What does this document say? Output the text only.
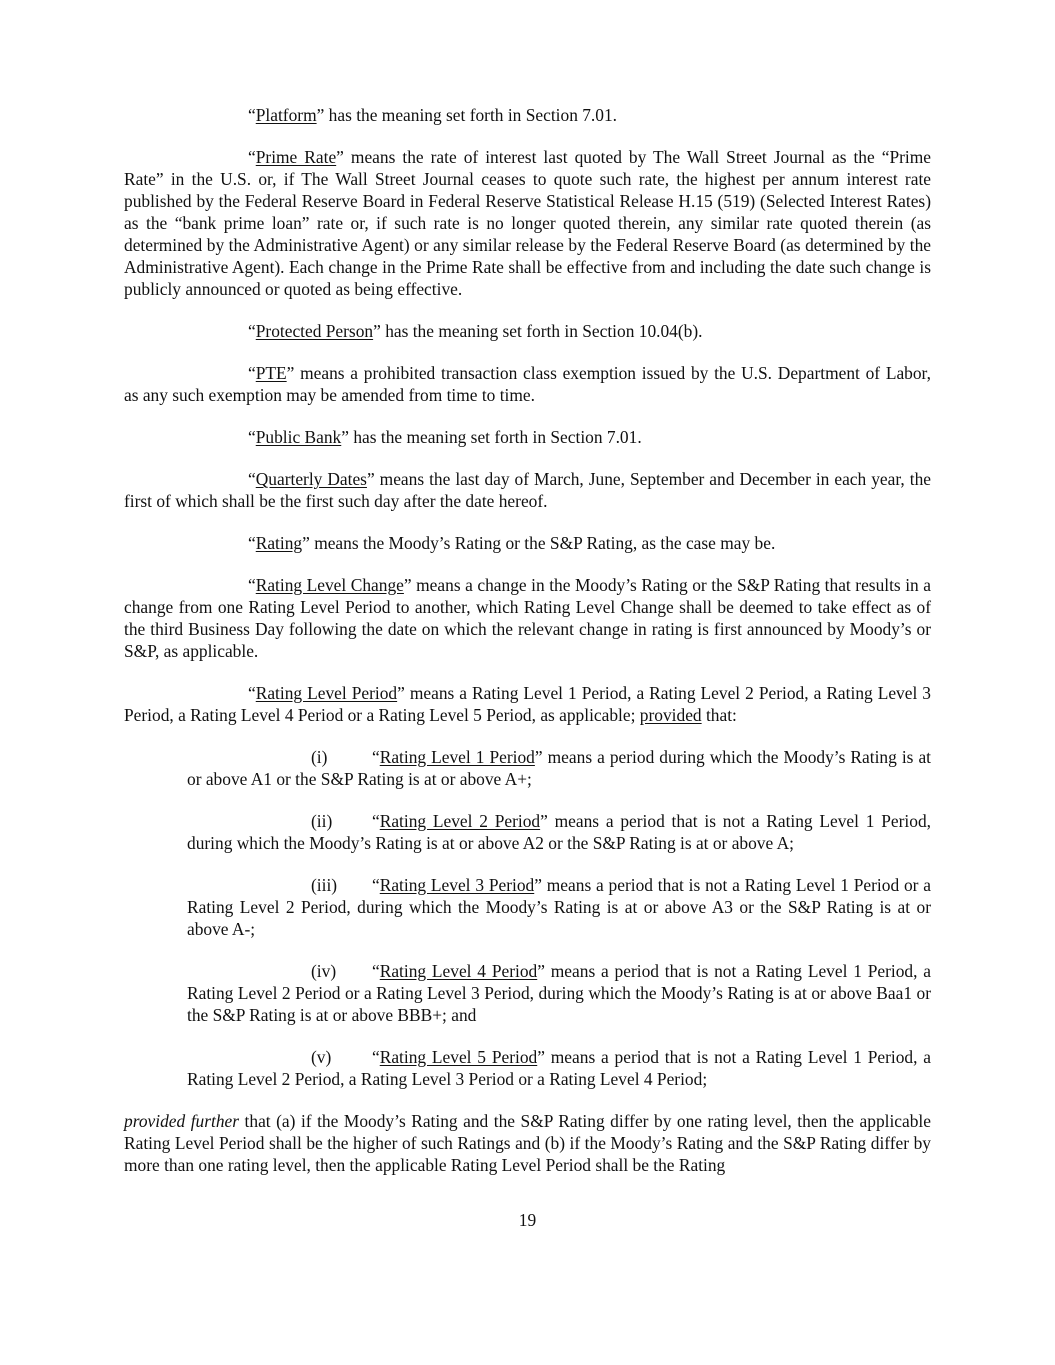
“Platform” has the meaning set forth in Section 7.01.

“Prime Rate” means the rate of interest last quoted by The Wall Street Journal as the “Prime Rate” in the U.S. or, if The Wall Street Journal ceases to quote such rate, the highest per annum interest rate published by the Federal Reserve Board in Federal Reserve Statistical Release H.15 (519) (Selected Interest Rates) as the “bank prime loan” rate or, if such rate is no longer quoted therein, any similar rate quoted therein (as determined by the Administrative Agent) or any similar release by the Federal Reserve Board (as determined by the Administrative Agent). Each change in the Prime Rate shall be effective from and including the date such change is publicly announced or quoted as being effective.

“Protected Person” has the meaning set forth in Section 10.04(b).

“PTE” means a prohibited transaction class exemption issued by the U.S. Department of Labor, as any such exemption may be amended from time to time.

“Public Bank” has the meaning set forth in Section 7.01.

“Quarterly Dates” means the last day of March, June, September and December in each year, the first of which shall be the first such day after the date hereof.

“Rating” means the Moody’s Rating or the S&P Rating, as the case may be.

“Rating Level Change” means a change in the Moody’s Rating or the S&P Rating that results in a change from one Rating Level Period to another, which Rating Level Change shall be deemed to take effect as of the third Business Day following the date on which the relevant change in rating is first announced by Moody’s or S&P, as applicable.

“Rating Level Period” means a Rating Level 1 Period, a Rating Level 2 Period, a Rating Level 3 Period, a Rating Level 4 Period or a Rating Level 5 Period, as applicable; provided that:

(i)	“Rating Level 1 Period” means a period during which the Moody’s Rating is at or above A1 or the S&P Rating is at or above A+;

(ii) “Rating Level 2 Period” means a period that is not a Rating Level 1 Period, during which the Moody’s Rating is at or above A2 or the S&P Rating is at or above A;

(iii) “Rating Level 3 Period” means a period that is not a Rating Level 1 Period or a Rating Level 2 Period, during which the Moody’s Rating is at or above A3 or the S&P Rating is at or above A-;

(iv) “Rating Level 4 Period” means a period that is not a Rating Level 1 Period, a Rating Level 2 Period or a Rating Level 3 Period, during which the Moody’s Rating is at or above Baa1 or the S&P Rating is at or above BBB+; and

(v) “Rating Level 5 Period” means a period that is not a Rating Level 1 Period, a Rating Level 2 Period, a Rating Level 3 Period or a Rating Level 4 Period;

provided further that (a) if the Moody’s Rating and the S&P Rating differ by one rating level, then the applicable Rating Level Period shall be the higher of such Ratings and (b) if the Moody’s Rating and the S&P Rating differ by more than one rating level, then the applicable Rating Level Period shall be the Rating

19
